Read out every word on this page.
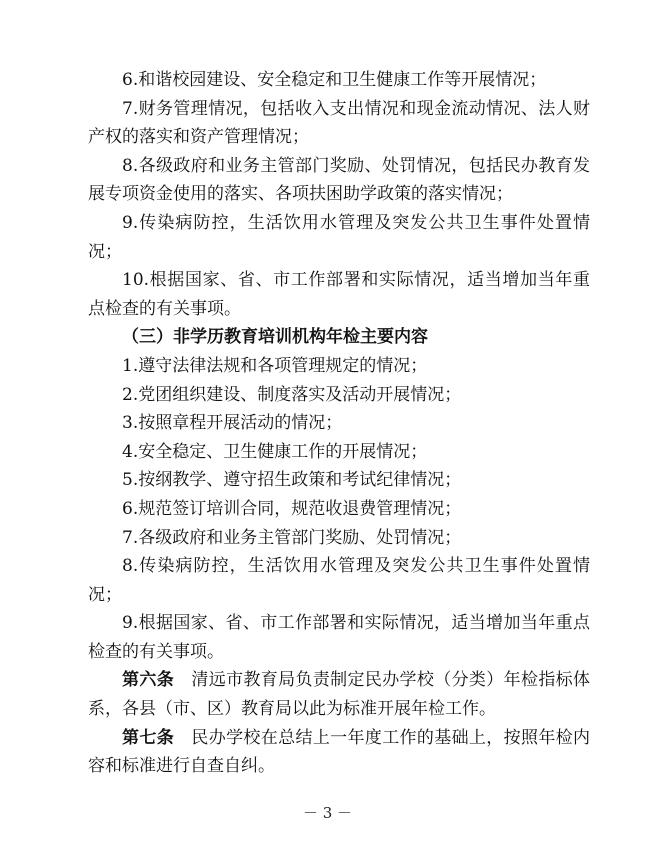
6.和谐校园建设、安全稳定和卫生健康工作等开展情况；

7.财务管理情况，包括收入支出情况和现金流动情况、法人财产权的落实和资产管理情况；

8.各级政府和业务主管部门奖励、处罚情况，包括民办教育发展专项资金使用的落实、各项扶困助学政策的落实情况；

9.传染病防控，生活饮用水管理及突发公共卫生事件处置情况；

10.根据国家、省、市工作部署和实际情况，适当增加当年重点检查的有关事项。

（三）非学历教育培训机构年检主要内容

1.遵守法律法规和各项管理规定的情况；

2.党团组织建设、制度落实及活动开展情况；

3.按照章程开展活动的情况；

4.安全稳定、卫生健康工作的开展情况；

5.按纲教学、遵守招生政策和考试纪律情况；

6.规范签订培训合同，规范收退费管理情况；

7.各级政府和业务主管部门奖励、处罚情况；

8.传染病防控，生活饮用水管理及突发公共卫生事件处置情况；

9.根据国家、省、市工作部署和实际情况，适当增加当年重点检查的有关事项。

第六条　清远市教育局负责制定民办学校（分类）年检指标体系，各县（市、区）教育局以此为标准开展年检工作。

第七条　民办学校在总结上一年度工作的基础上，按照年检内容和标准进行自查自纠。

－ 3 －
